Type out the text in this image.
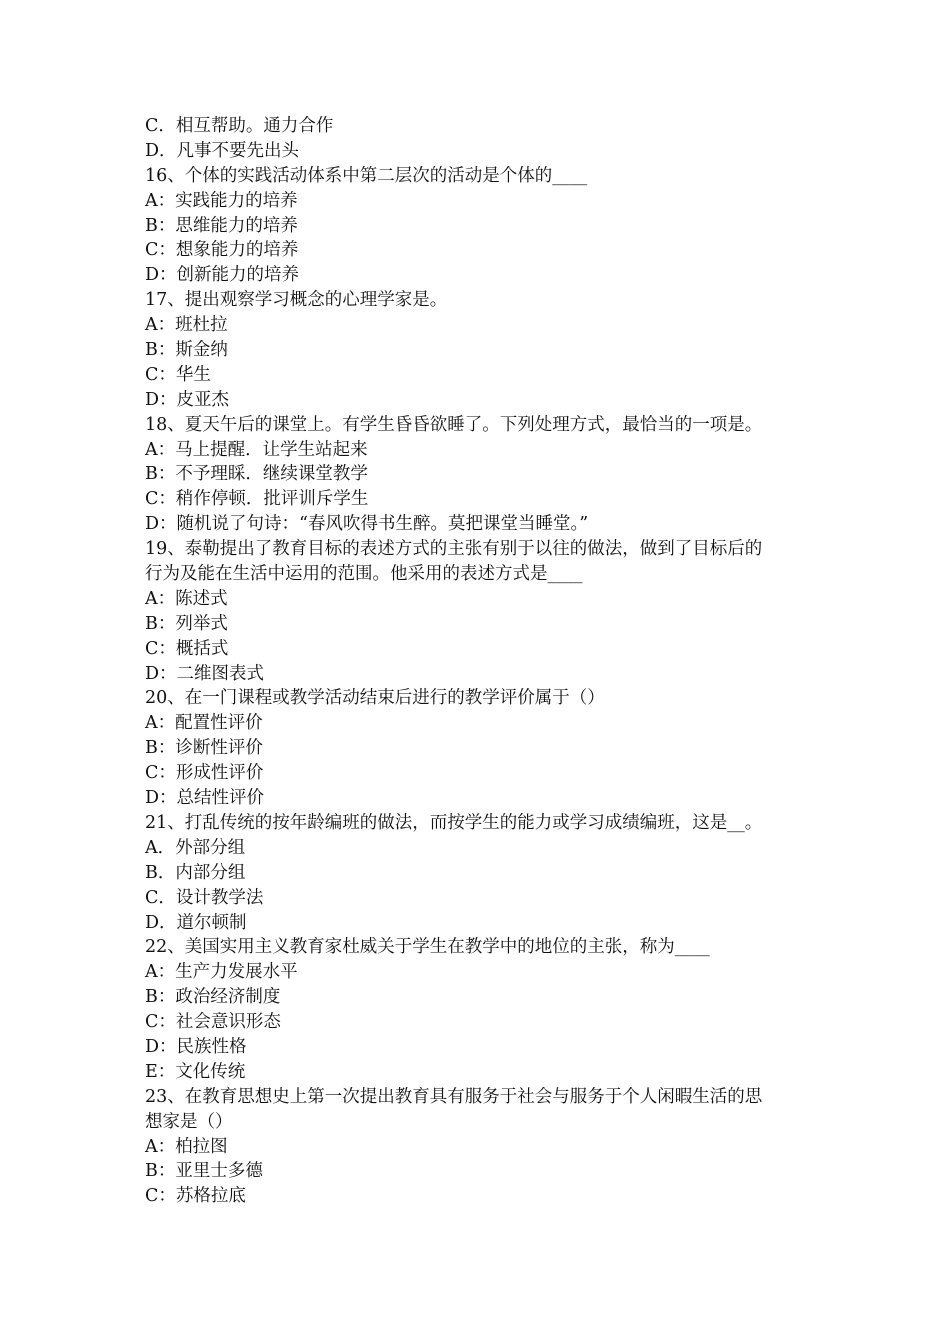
C．相互帮助。通力合作
D．凡事不要先出头
16、个体的实践活动体系中第二层次的活动是个体的____
A：实践能力的培养
B：思维能力的培养
C：想象能力的培养
D：创新能力的培养
17、提出观察学习概念的心理学家是。
A：班杜拉
B：斯金纳
C：华生
D：皮亚杰
18、夏天午后的课堂上。有学生昏昏欲睡了。下列处理方式，最恰当的一项是。
A：马上提醒．让学生站起来
B：不予理睬．继续课堂教学
C：稍作停顿．批评训斥学生
D：随机说了句诗：“春风吹得书生醉。莫把课堂当睡堂。”
19、泰勒提出了教育目标的表述方式的主张有别于以往的做法，做到了目标后的
行为及能在生活中运用的范围。他采用的表述方式是____
A：陈述式
B：列举式
C：概括式
D：二维图表式
20、在一门课程或教学活动结束后进行的教学评价属于（）
A：配置性评价
B：诊断性评价
C：形成性评价
D：总结性评价
21、打乱传统的按年龄编班的做法，而按学生的能力或学习成绩编班，这是__。
A．外部分组
B．内部分组
C．设计教学法
D．道尔顿制
22、美国实用主义教育家杜威关于学生在教学中的地位的主张，称为____
A：生产力发展水平
B：政治经济制度
C：社会意识形态
D：民族性格
E：文化传统
23、在教育思想史上第一次提出教育具有服务于社会与服务于个人闲暇生活的思
想家是（）
A：柏拉图
B：亚里士多德
C：苏格拉底
